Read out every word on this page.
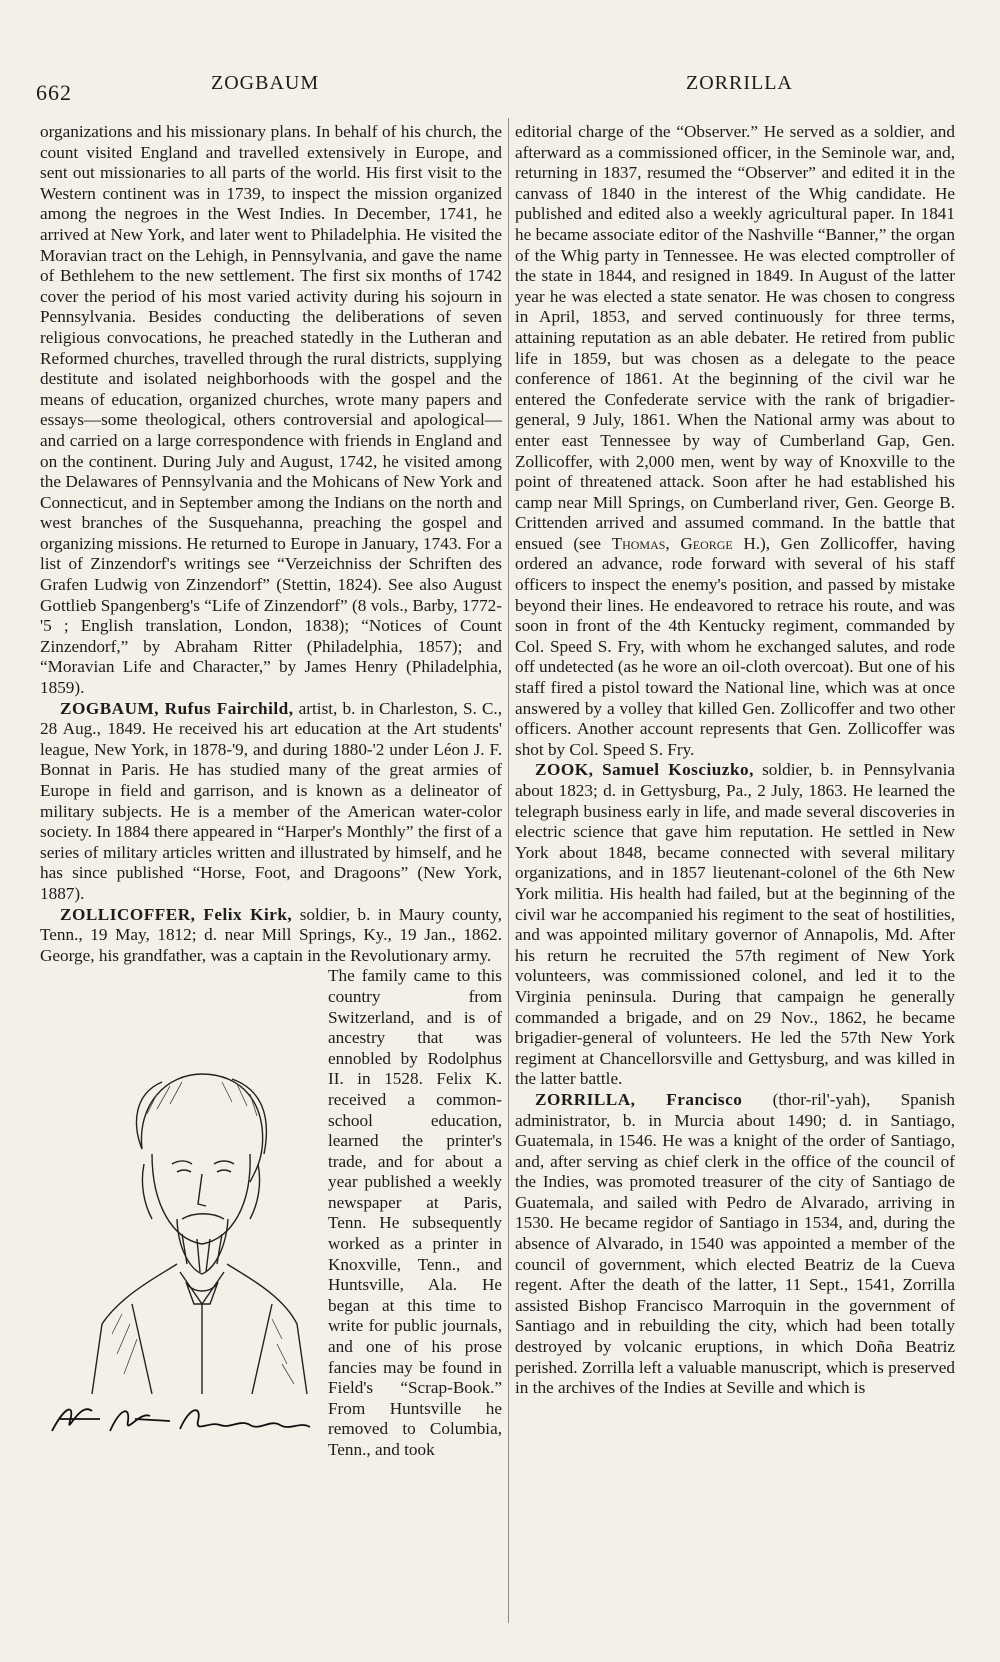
662	ZOGBAUM	ZORRILLA

organizations and his missionary plans. In behalf of his church, the count visited England and travelled extensively in Europe, and sent out missionaries to all parts of the world. His first visit to the Western continent was in 1739, to inspect the mission organized among the negroes in the West Indies. In December, 1741, he arrived at New York, and later went to Philadelphia. He visited the Moravian tract on the Lehigh, in Pennsylvania, and gave the name of Bethlehem to the new settlement. The first six months of 1742 cover the period of his most varied activity during his sojourn in Pennsylvania. Besides conducting the deliberations of seven religious convocations, he preached statedly in the Lutheran and Reformed churches, travelled through the rural districts, supplying destitute and isolated neighborhoods with the gospel and the means of education, organized churches, wrote many papers and essays—some theological, others controversial and apological—and carried on a large correspondence with friends in England and on the continent. During July and August, 1742, he visited among the Delawares of Pennsylvania and the Mohicans of New York and Connecticut, and in September among the Indians on the north and west branches of the Susquehanna, preaching the gospel and organizing missions. He returned to Europe in January, 1743. For a list of Zinzendorf's writings see “Verzeichniss der Schriften des Grafen Ludwig von Zinzendorf” (Stettin, 1824). See also August Gottlieb Spangenberg's “Life of Zinzendorf” (8 vols., Barby, 1772-'5 ; English translation, London, 1838); “Notices of Count Zinzendorf,” by Abraham Ritter (Philadelphia, 1857); and “Moravian Life and Character,” by James Henry (Philadelphia, 1859).

ZOGBAUM, Rufus Fairchild, artist, b. in Charleston, S. C., 28 Aug., 1849. He received his art education at the Art students' league, New York, in 1878-'9, and during 1880-'2 under Léon J. F. Bonnat in Paris. He has studied many of the great armies of Europe in field and garrison, and is known as a delineator of military subjects. He is a member of the American water-color society. In 1884 there appeared in “Harper's Monthly” the first of a series of military articles written and illustrated by himself, and he has since published “Horse, Foot, and Dragoons” (New York, 1887).

ZOLLICOFFER, Felix Kirk, soldier, b. in Maury county, Tenn., 19 May, 1812; d. near Mill Springs, Ky., 19 Jan., 1862. George, his grandfather, was a captain in the Revolutionary army.

The family came to this country from Switzerland, and is of ancestry that was ennobled by Rodolphus II. in 1528. Felix K. received a common-school education, learned the printer's trade, and for about a year published a weekly newspaper at Paris, Tenn. He subsequently worked as a printer in Knoxville, Tenn., and Huntsville, Ala. He began at this time to write for public journals, and one of his prose fancies may be found in Field's “Scrap-Book.” From Huntsville he removed to Columbia, Tenn., and took

editorial charge of the “Observer.” He served as a soldier, and afterward as a commissioned officer, in the Seminole war, and, returning in 1837, resumed the “Observer” and edited it in the canvass of 1840 in the interest of the Whig candidate. He published and edited also a weekly agricultural paper. In 1841 he became associate editor of the Nashville “Banner,” the organ of the Whig party in Tennessee. He was elected comptroller of the state in 1844, and resigned in 1849. In August of the latter year he was elected a state senator. He was chosen to congress in April, 1853, and served continuously for three terms, attaining reputation as an able debater. He retired from public life in 1859, but was chosen as a delegate to the peace conference of 1861. At the beginning of the civil war he entered the Confederate service with the rank of brigadier-general, 9 July, 1861. When the National army was about to enter east Tennessee by way of Cumberland Gap, Gen. Zollicoffer, with 2,000 men, went by way of Knoxville to the point of threatened attack. Soon after he had established his camp near Mill Springs, on Cumberland river, Gen. George B. Crittenden arrived and assumed command. In the battle that ensued (see Thomas, George H.), Gen Zollicoffer, having ordered an advance, rode forward with several of his staff officers to inspect the enemy's position, and passed by mistake beyond their lines. He endeavored to retrace his route, and was soon in front of the 4th Kentucky regiment, commanded by Col. Speed S. Fry, with whom he exchanged salutes, and rode off undetected (as he wore an oil-cloth overcoat). But one of his staff fired a pistol toward the National line, which was at once answered by a volley that killed Gen. Zollicoffer and two other officers. Another account represents that Gen. Zollicoffer was shot by Col. Speed S. Fry.

ZOOK, Samuel Kosciuzko, soldier, b. in Pennsylvania about 1823; d. in Gettysburg, Pa., 2 July, 1863. He learned the telegraph business early in life, and made several discoveries in electric science that gave him reputation. He settled in New York about 1848, became connected with several military organizations, and in 1857 lieutenant-colonel of the 6th New York militia. His health had failed, but at the beginning of the civil war he accompanied his regiment to the seat of hostilities, and was appointed military governor of Annapolis, Md. After his return he recruited the 57th regiment of New York volunteers, was commissioned colonel, and led it to the Virginia peninsula. During that campaign he generally commanded a brigade, and on 29 Nov., 1862, he became brigadier-general of volunteers. He led the 57th New York regiment at Chancellorsville and Gettysburg, and was killed in the latter battle.

ZORRILLA, Francisco (thor-ril'-yah), Spanish administrator, b. in Murcia about 1490; d. in Santiago, Guatemala, in 1546. He was a knight of the order of Santiago, and, after serving as chief clerk in the office of the council of the Indies, was promoted treasurer of the city of Santiago de Guatemala, and sailed with Pedro de Alvarado, arriving in 1530. He became regidor of Santiago in 1534, and, during the absence of Alvarado, in 1540 was appointed a member of the council of government, which elected Beatriz de la Cueva regent. After the death of the latter, 11 Sept., 1541, Zorrilla assisted Bishop Francisco Marroquin in the government of Santiago and in rebuilding the city, which had been totally destroyed by volcanic eruptions, in which Doña Beatriz perished. Zorrilla left a valuable manuscript, which is preserved in the archives of the Indies at Seville and which is
